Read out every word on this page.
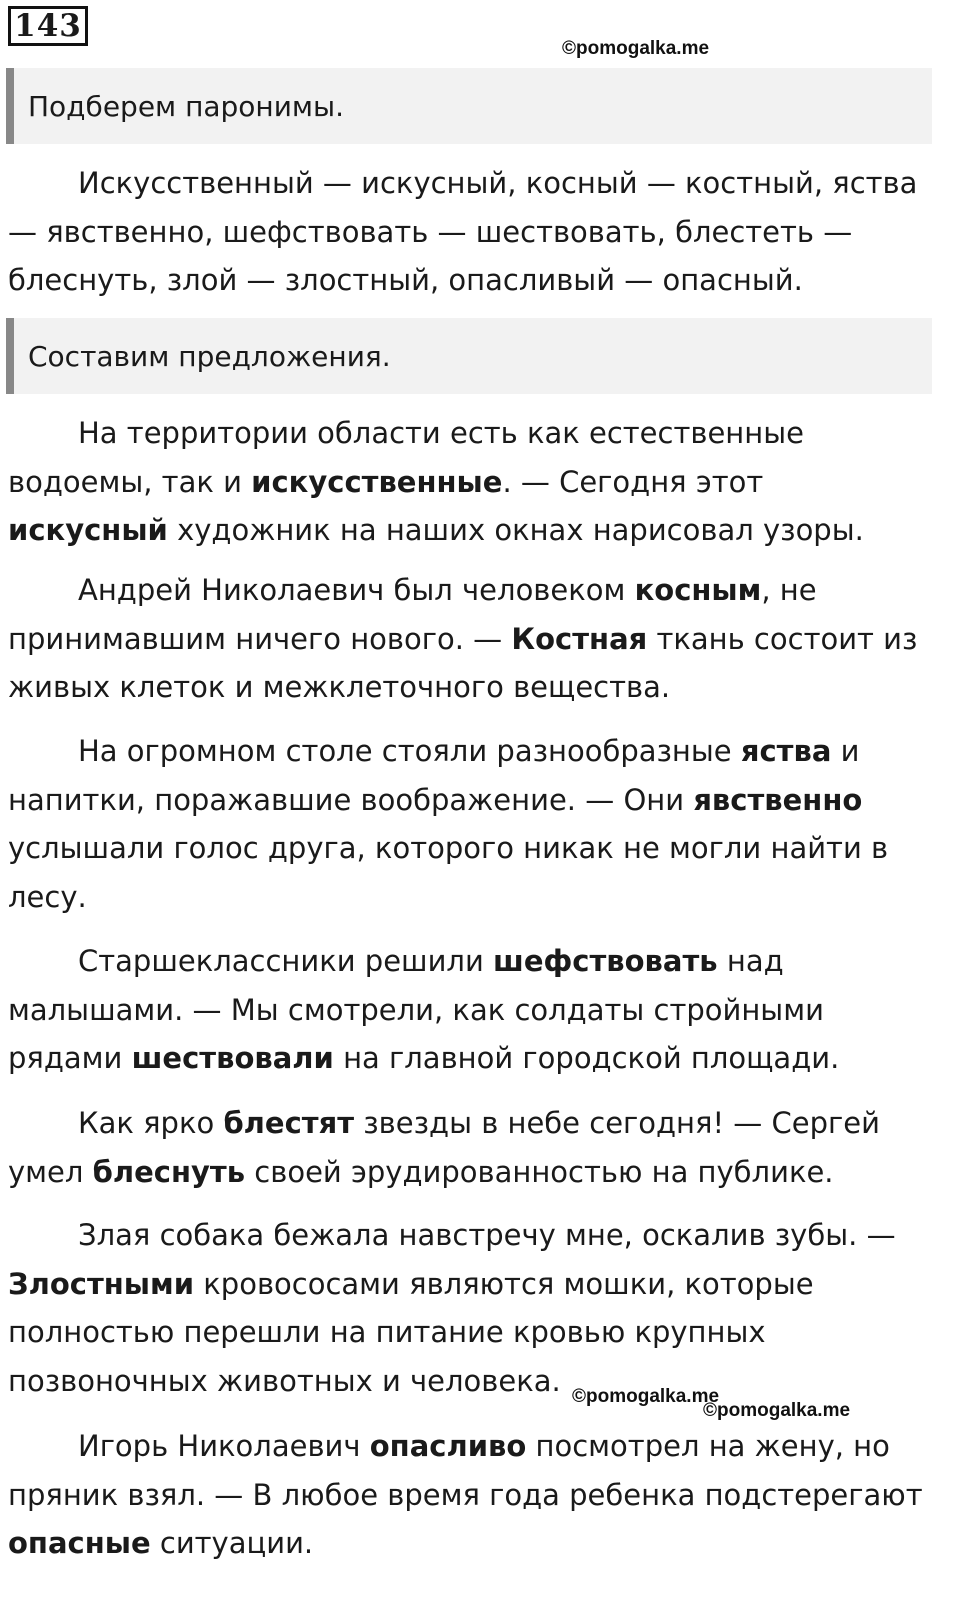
143
©pomogalka.me
Подберем паронимы.

Искусственный — искусный, косный — костный, яства — явственно, шефствовать — шествовать, блестеть — блеснуть, злой — злостный, опасливый — опасный.

Составим предложения.

На территории области есть как естественные водоемы, так и искусственные. — Сегодня этот искусный художник на наших окнах нарисовал узоры.

Андрей Николаевич был человеком косным, не принимавшим ничего нового. — Костная ткань состоит из живых клеток и межклеточного вещества.

На огромном столе стояли разнообразные яства и напитки, поражавшие воображение. — Они явственно услышали голос друга, которого никак не могли найти в лесу.

Старшеклассники решили шефствовать над малышами. — Мы смотрели, как солдаты стройными рядами шествовали на главной городской площади.

Как ярко блестят звезды в небе сегодня! — Сергей умел блеснуть своей эрудированностью на публике.

Злая собака бежала навстречу мне, оскалив зубы. — Злостными кровососами являются мошки, которые полностью перешли на питание кровью крупных позвоночных животных и человека. ©pomogalka.me
©pomogalka.me

Игорь Николаевич опасливо посмотрел на жену, но пряник взял. — В любое время года ребенка подстерегают опасные ситуации.
